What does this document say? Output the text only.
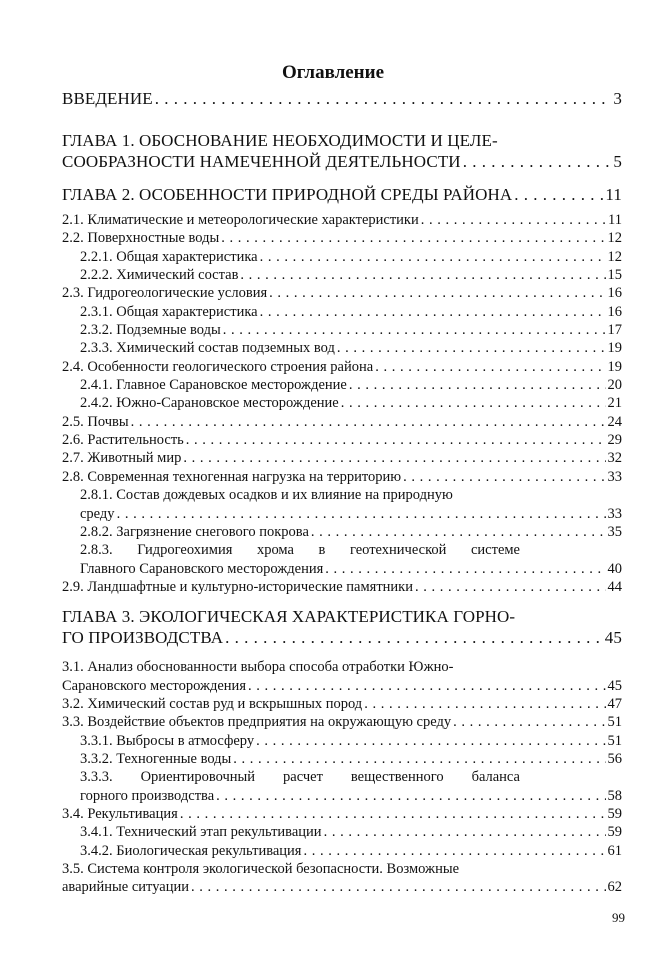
Оглавление
ВВЕДЕНИЕ . . .	3
ГЛАВА 1. ОБОСНОВАНИЕ НЕОБХОДИМОСТИ И ЦЕЛЕ-
СООБРАЗНОСТИ НАМЕЧЕННОЙ ДЕЯТЕЛЬНОСТИ . . .	5
ГЛАВА 2. ОСОБЕННОСТИ ПРИРОДНОЙ СРЕДЫ РАЙОНА . . .	11
2.1. Климатические и метеорологические характеристики . . .	11
2.2. Поверхностные воды . . .	12
2.2.1. Общая характеристика . . .	12
2.2.2. Химический состав . . .	15
2.3. Гидрогеологические условия . . .	16
2.3.1. Общая характеристика . . .	16
2.3.2. Подземные воды . . .	17
2.3.3. Химический состав подземных вод . . .	19
2.4. Особенности геологического строения района . . .	19
2.4.1. Главное Сарановское месторождение . . .	20
2.4.2. Южно-Сарановское месторождение . . .	21
2.5. Почвы . . .	24
2.6. Растительность . . .	29
2.7. Животный мир . . .	32
2.8. Современная техногенная нагрузка на территорию . . .	33
2.8.1. Состав дождевых осадков и их влияние на природную
среду . . .	33
2.8.2. Загрязнение снегового покрова . . .	35
2.8.3. Гидрогеохимия хрома в геотехнической системе
Главного Сарановского месторождения . . .	40
2.9. Ландшафтные и культурно-исторические памятники . . .	44
ГЛАВА 3. ЭКОЛОГИЧЕСКАЯ ХАРАКТЕРИСТИКА ГОРНО-
ГО ПРОИЗВОДСТВА . . .	45
3.1. Анализ обоснованности выбора способа отработки Южно-
Сарановского месторождения . . .	45
3.2. Химический состав руд и вскрышных пород . . .	47
3.3. Воздействие объектов предприятия на окружающую среду . . .	51
3.3.1. Выбросы в атмосферу . . .	51
3.3.2. Техногенные воды . . .	56
3.3.3. Ориентировочный расчет вещественного баланса
горного производства . . .	58
3.4. Рекультивация . . .	59
3.4.1. Технический этап рекультивации . . .	59
3.4.2. Биологическая рекультивация . . .	61
3.5. Система контроля экологической безопасности. Возможные
аварийные ситуации . . .	62
99
